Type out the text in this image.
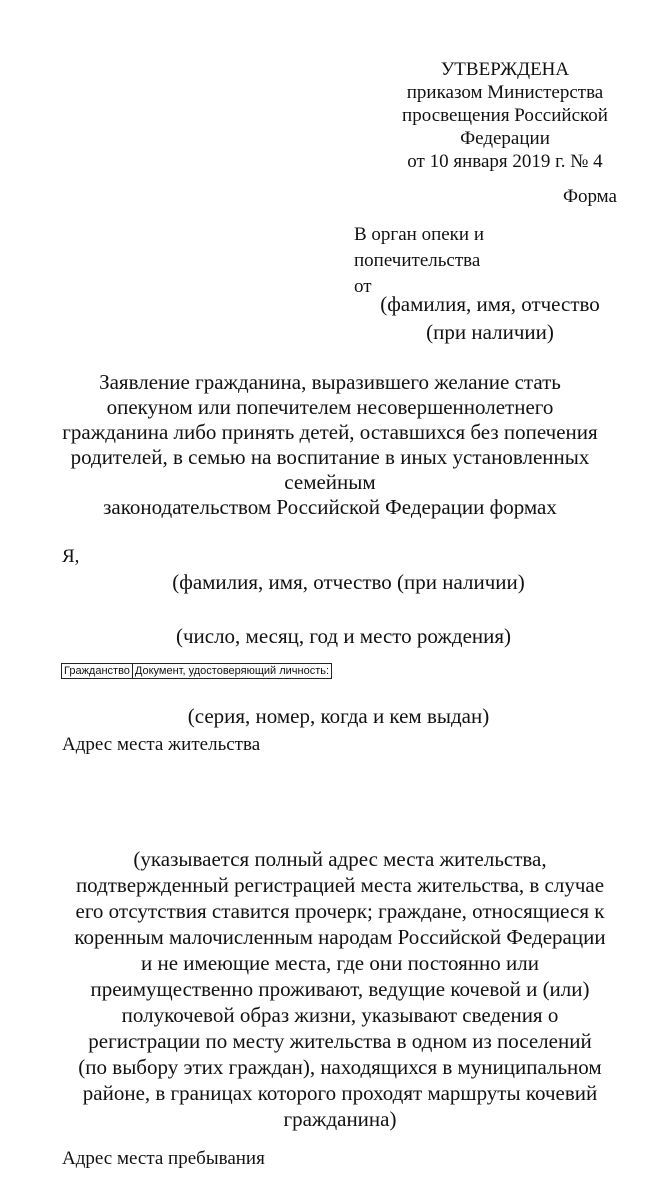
УТВЕРЖДЕНА
приказом Министерства
просвещения Российской
Федерации
от 10 января 2019 г. № 4
Форма
В орган опеки и
попечительства
от
(фамилия, имя, отчество
(при наличии)
Заявление гражданина, выразившего желание стать
опекуном или попечителем несовершеннолетнего
гражданина либо принять детей, оставшихся без попечения
родителей, в семью на воспитание в иных установленных
семейным
законодательством Российской Федерации формах
Я,
(фамилия, имя, отчество (при наличии)
(число, месяц, год и место рождения)
Гражданство Документ, удостоверяющий личность:
(серия, номер, когда и кем выдан)
Адрес места жительства
(указывается полный адрес места жительства,
подтвержденный регистрацией места жительства, в случае
его отсутствия ставится прочерк; граждане, относящиеся к
коренным малочисленным народам Российской Федерации
и не имеющие места, где они постоянно или
преимущественно проживают, ведущие кочевой и (или)
полукочевой образ жизни, указывают сведения о
регистрации по месту жительства в одном из поселений
(по выбору этих граждан), находящихся в муниципальном
районе, в границах которого проходят маршруты кочевий
гражданина)
Адрес места пребывания
